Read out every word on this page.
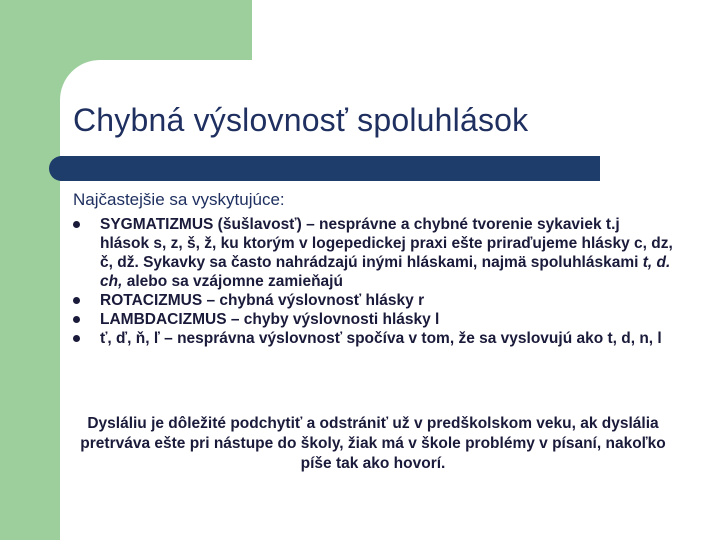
Chybná výslovnosť spoluhlások

Najčastejšie sa vyskytujúce:

SYGMATIZMUS (šušlavosť) – nesprávne a chybné tvorenie sykaviek t.j hlások s, z, š, ž, ku ktorým v logepedickej praxi ešte priraďujeme hlásky c, dz, č, dž. Sykavky sa často nahrádzajú inými hláskami, najmä spoluhláskami t, d. ch, alebo sa vzájomne zamieňajú
ROTACIZMUS – chybná výslovnosť hlásky r
LAMBDACIZMUS – chyby výslovnosti hlásky l
ť, ď, ň, ľ – nesprávna výslovnosť spočíva v tom, že sa vyslovujú ako t, d, n, l

Dysláliu je dôležité podchytiť a odstrániť už v predškolskom veku, ak dyslália pretrváva ešte pri nástupe do školy, žiak má v škole problémy v písaní, nakoľko píše tak ako hovorí.
